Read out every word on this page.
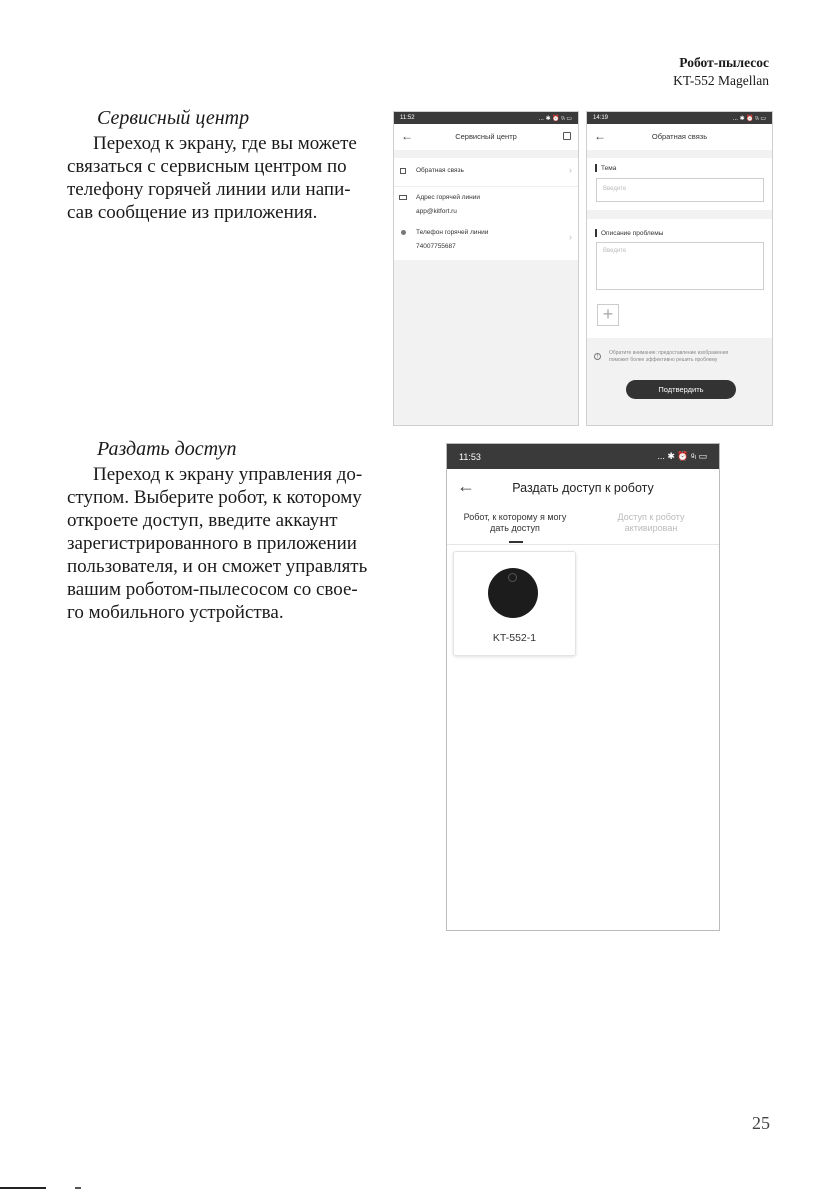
Робот-пылесос
KT-552 Magellan
Сервисный центр
Переход к экрану, где вы можете
связаться с сервисным центром по
телефону горячей линии или напи-
сав сообщение из приложения.
Раздать доступ
Переход к экрану управления до-
ступом. Выберите робот, к которому
откроете доступ, введите аккаунт
зарегистрированного в приложении
пользователя, и он сможет управлять
вашим роботом-пылесосом со свое-
го мобильного устройства.
11:52	... ✱ ⏰ ᵍₗ ▭
←	Сервисный центр
Обратная связь	›
Адрес горячей линии
app@kitfort.ru
Телефон горячей линии
74007755687
›
14:19	... ✱ ⏰ ᵍₗ ▭
←	Обратная связь
Тема
Введите
Описание проблемы
Введите
+
!
Обратите внимание: предоставление изображения
поможет более эффективно решить проблему
Подтвердить
11:53	... ✱ ⏰ ᵍₗ ▭
←	Раздать доступ к роботу
Робот, к которому я могу
дать доступ
Доступ к роботу
активирован
KT-552-1
25
